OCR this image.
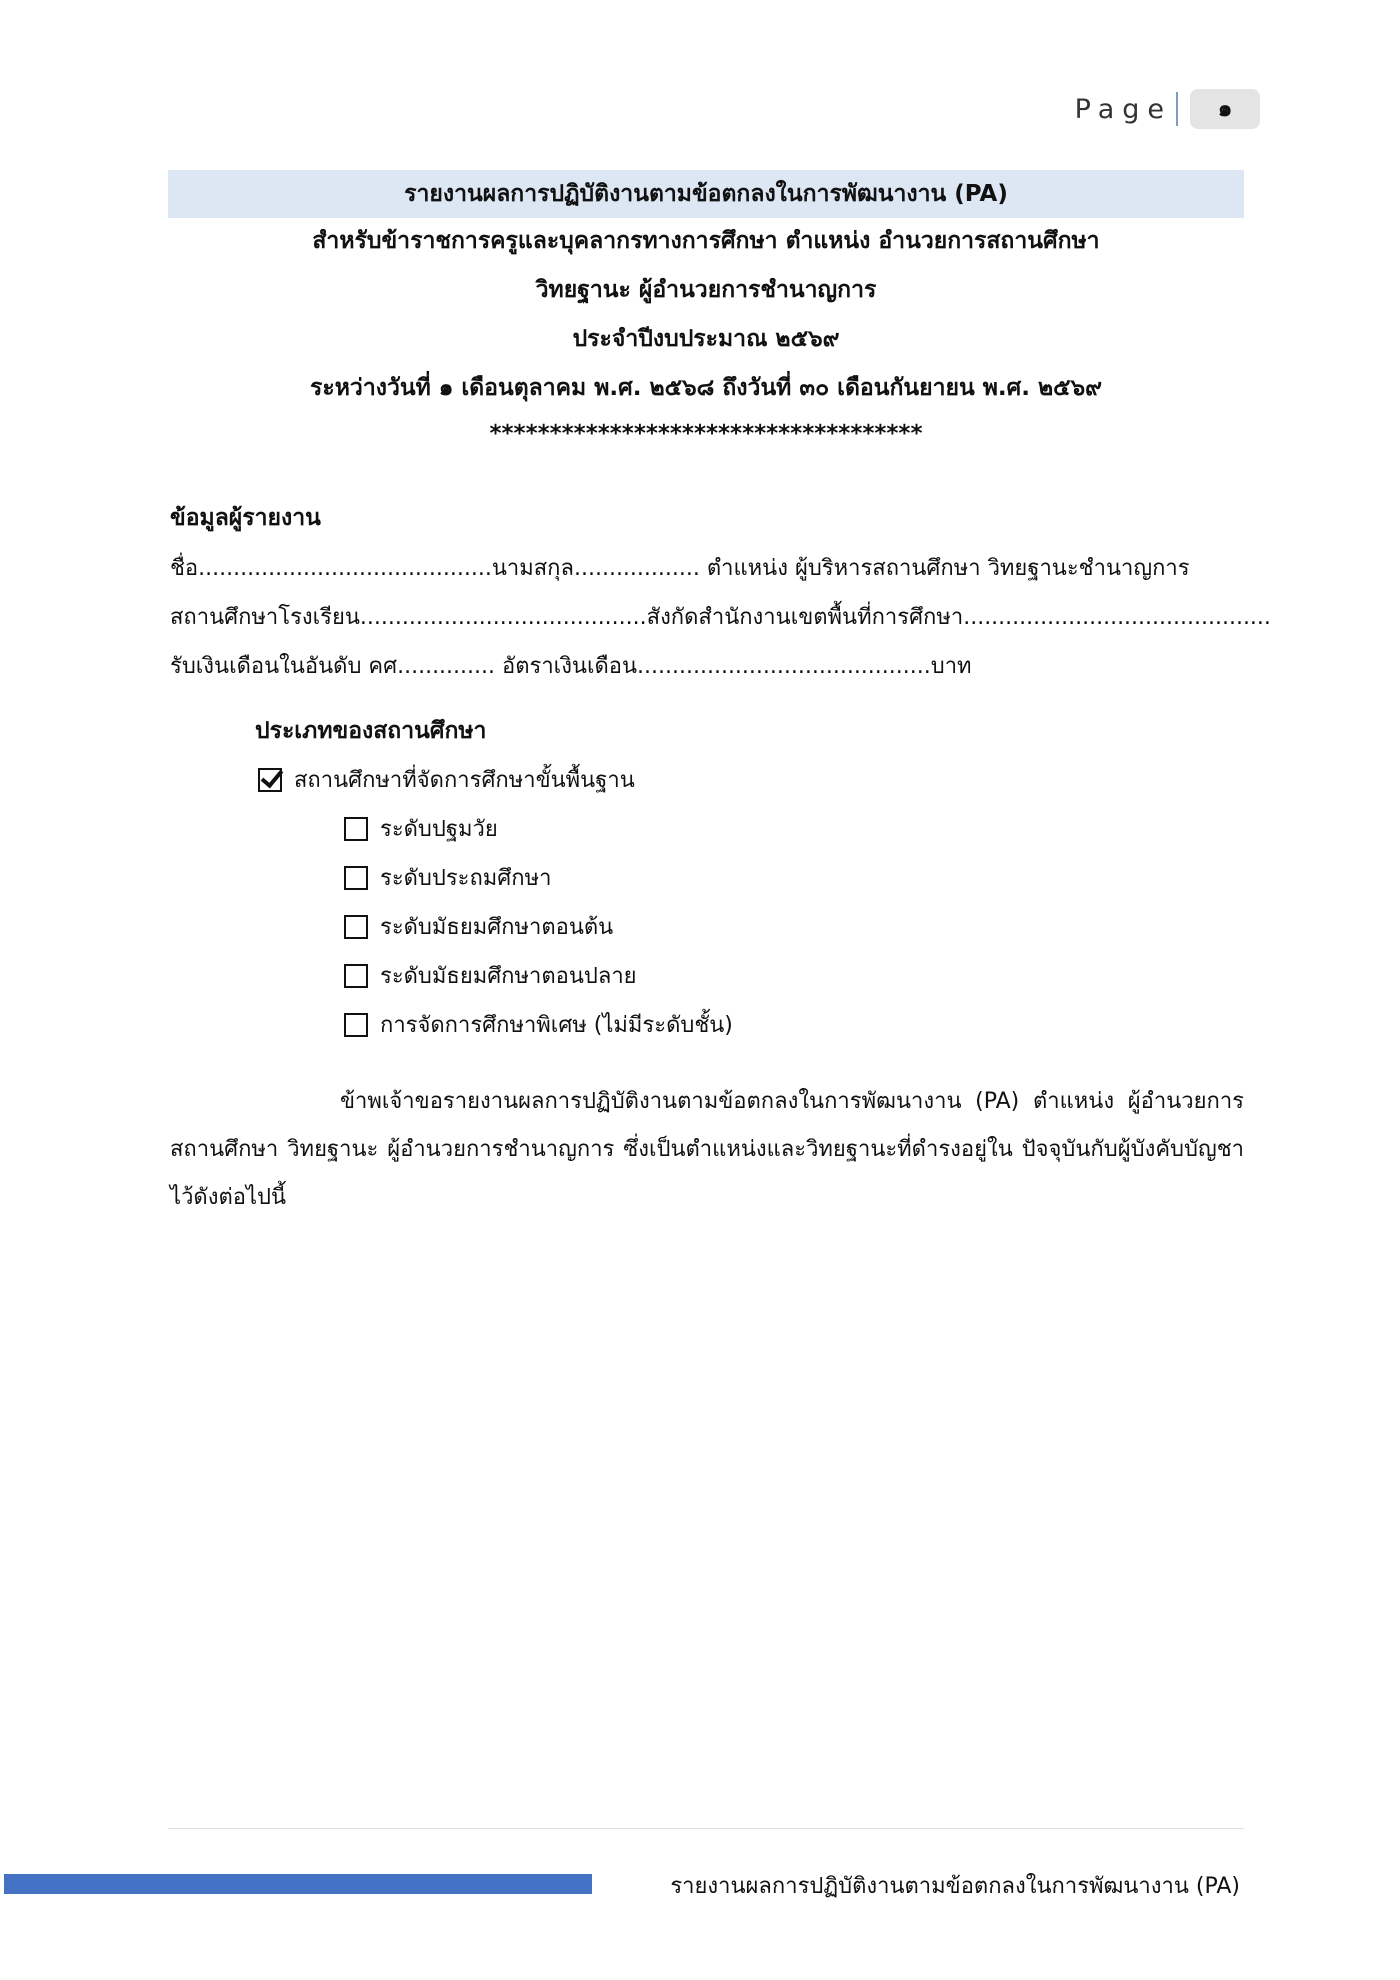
Page	๑
รายงานผลการปฏิบัติงานตามข้อตกลงในการพัฒนางาน (PA)
สำหรับข้าราชการครูและบุคลากรทางการศึกษา ตำแหน่ง อำนวยการสถานศึกษา
วิทยฐานะ ผู้อำนวยการชำนาญการ
ประจำปีงบประมาณ ๒๕๖๙
ระหว่างวันที่ ๑ เดือนตุลาคม พ.ศ. ๒๕๖๘ ถึงวันที่ ๓๐ เดือนกันยายน พ.ศ. ๒๕๖๙
************************************
ข้อมูลผู้รายงาน
ชื่อ..........................................นามสกุล.................. ตำแหน่ง ผู้บริหารสถานศึกษา วิทยฐานะชำนาญการ
สถานศึกษาโรงเรียน.........................................สังกัดสำนักงานเขตพื้นที่การศึกษา............................................
รับเงินเดือนในอันดับ คศ.............. อัตราเงินเดือน..........................................บาท
ประเภทของสถานศึกษา
สถานศึกษาที่จัดการศึกษาขั้นพื้นฐาน
ระดับปฐมวัย
ระดับประถมศึกษา
ระดับมัธยมศึกษาตอนต้น
ระดับมัธยมศึกษาตอนปลาย
การจัดการศึกษาพิเศษ (ไม่มีระดับชั้น)
ข้าพเจ้าขอรายงานผลการปฏิบัติงานตามข้อตกลงในการพัฒนางาน (PA) ตำแหน่ง ผู้อำนวยการสถานศึกษา วิทยฐานะ ผู้อำนวยการชำนาญการ ซึ่งเป็นตำแหน่งและวิทยฐานะที่ดำรงอยู่ใน ปัจจุบันกับผู้บังคับบัญชา ไว้ดังต่อไปนี้
รายงานผลการปฏิบัติงานตามข้อตกลงในการพัฒนางาน (PA)
